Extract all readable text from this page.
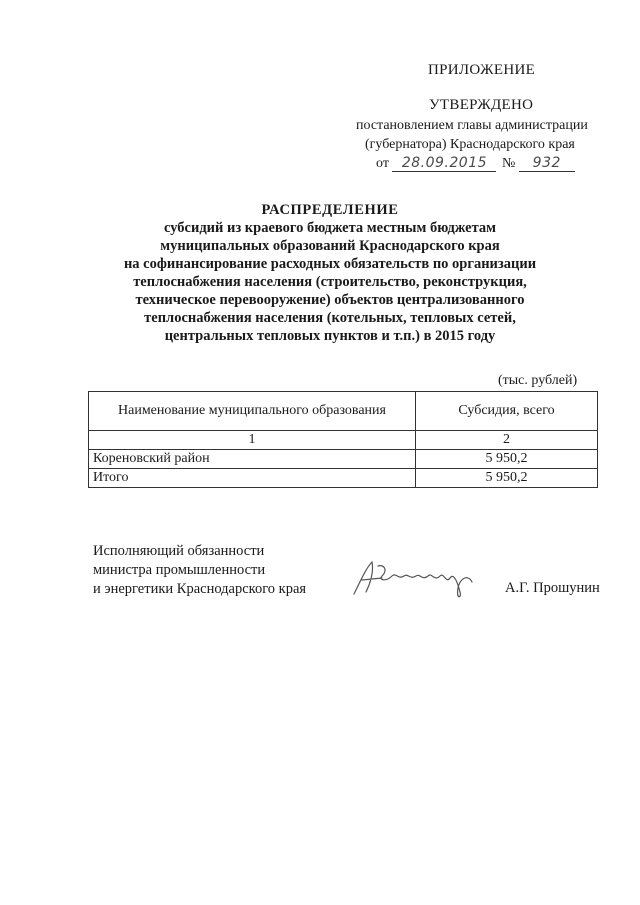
ПРИЛОЖЕНИЕ
УТВЕРЖДЕНО
постановлением главы администрации
(губернатора) Краснодарского края
от 28.09.2015 № 932
РАСПРЕДЕЛЕНИЕ
субсидий из краевого бюджета местным бюджетам
муниципальных образований Краснодарского края
на софинансирование расходных обязательств по организации
теплоснабжения населения (строительство, реконструкция,
техническое перевооружение) объектов централизованного
теплоснабжения населения (котельных, тепловых сетей,
центральных тепловых пунктов и т.п.) в 2015 году
(тыс. рублей)
Наименование муниципального образования	Субсидия, всего
1	2
Кореновский район	5 950,2
Итого	5 950,2
Исполняющий обязанности
министра промышленности
и энергетики Краснодарского края	А.Г. Прошунин
